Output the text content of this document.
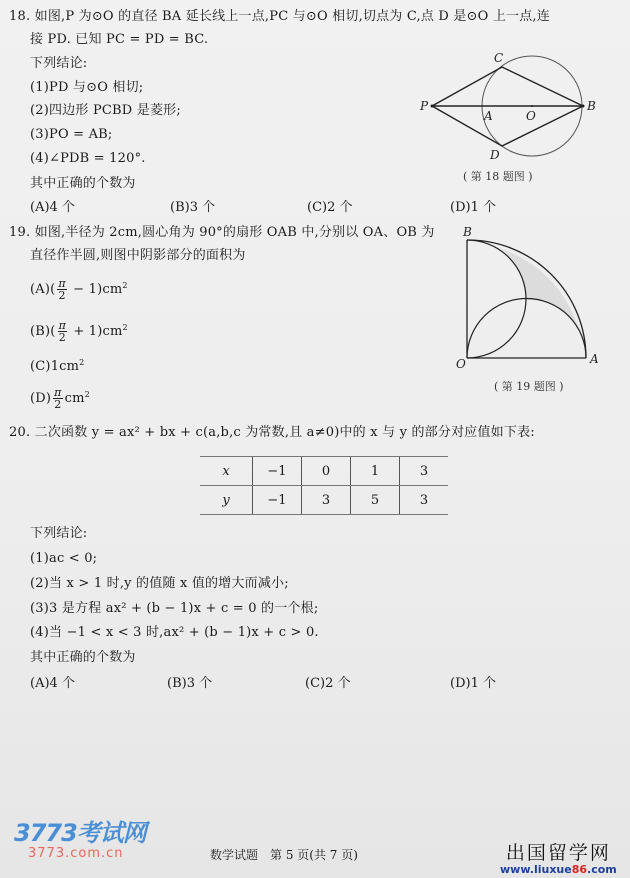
18. 如图,P 为⊙O 的直径 BA 延长线上一点,PC 与⊙O 相切,切点为 C,点 D 是⊙O 上一点,连
接 PD. 已知 PC = PD = BC.
下列结论:
(1)PD 与⊙O 相切;
(2)四边形 PCBD 是菱形;
(3)PO = AB;
(4)∠PDB = 120°.
其中正确的个数为
(A)4 个	(B)3 个	(C)2 个	(D)1 个
P
A	O
B
C
D
( 第 18 题图 )
19. 如图,半径为 2cm,圆心角为 90°的扇形 OAB 中,分别以 OA、OB 为
直径作半圆,则图中阴影部分的面积为
$(A)( \frac{\pi}{2} - 1)cm^2$
$(B)( \frac{\pi}{2} + 1)cm^2$
$(C)1cm^2$
$(D) \frac{\pi}{2} cm^2$
B
O	A
( 第 19 题图 )
20. 二次函数 y = ax² + bx + c(a,b,c 为常数,且 a≠0)中的 x 与 y 的部分对应值如下表:
x	−1	0	1	3
y	−1	3	5	3
下列结论:
(1)ac < 0;
(2)当 x > 1 时,y 的值随 x 值的增大而减小;
(3)3 是方程 ax² + (b − 1)x + c = 0 的一个根;
(4)当 −1 < x < 3 时,ax² + (b − 1)x + c > 0.
其中正确的个数为
(A)4 个	(B)3 个	(C)2 个	(D)1 个
3773考试网
3773.com.cn	数学试题　第 5 页(共 7 页)	出国留学网
www.liuxue86.com
